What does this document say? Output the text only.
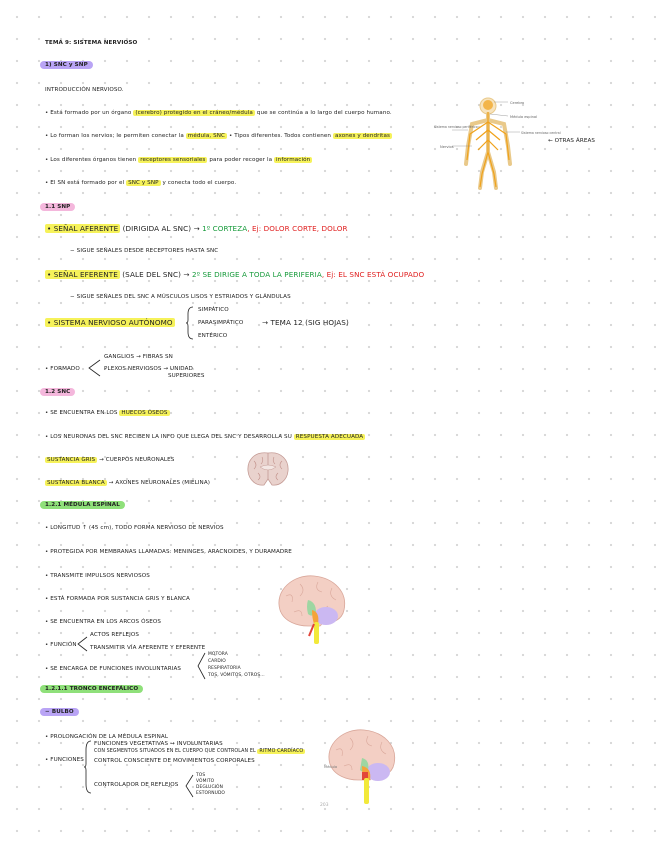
TEMA 9: SISTEMA NERVIOSO
1) SNC y SNP
INTRODUCCIÓN NERVIOSO.
• Está formado por un órgano (cerebro) protegido en el cráneo/médula que se continúa a lo largo del cuerpo humano.
• Lo forman los nervios; le permiten conectar la médula, SNC • Tipos diferentes. Todos contienen axones y dendritas
• Los diferentes órganos tienen receptores sensoriales para poder recoger la información
• El SN está formado por el SNC y SNP y conecta todo el cuerpo.
← OTRAS ÁREAS
Cerebro
Médula espinal
Sistema nervioso periférico
Sistema nervioso central
Nervios
1.1 SNP
• SEÑAL AFERENTE (DIRIGIDA AL SNC) → 1º CORTEZA, Ej: DOLOR CORTE, DOLOR
− SIGUE SEÑALES DESDE RECEPTORES HASTA SNC
• SEÑAL EFERENTE (SALE DEL SNC) → 2º SE DIRIGE A TODA LA PERIFERIA, Ej: EL SNC ESTÁ OCUPADO
− SIGUE SEÑALES DEL SNC A MÚSCULOS LISOS Y ESTRIADOS Y GLÁNDULAS
• SISTEMA NERVIOSO AUTÓNOMO
SIMPÁTICO
PARASIMPÁTICO
ENTÉRICO
→ TEMA 12 (SIG HOJAS)
• FORMADO
GANGLIOS → FIBRAS SN
PLEXOS NERVIOSOS → UNIDAD
SUPERIORES
1.2 SNC
• SE ENCUENTRA EN LOS HUECOS ÓSEOS
• LOS NEURONAS DEL SNC RECIBEN LA INFO QUE LLEGA DEL SNC Y DESARROLLA SU RESPUESTA ADECUADA
SUSTANCIA GRIS → CUERPOS NEURONALES
SUSTANCIA BLANCA → AXONES NEURONALES (MIELINA)
1.2.1 MÉDULA ESPINAL
• LONGITUD ↑ (45 cm), TODO FORMA NERVIOSO DE NERVIOS
• PROTEGIDA POR MEMBRANAS LLAMADAS: MENINGES, ARACNOIDES, Y DURAMADRE
• TRANSMITE IMPULSOS NERVIOSOS
• ESTÁ FORMADA POR SUSTANCIA GRIS Y BLANCA
• SE ENCUENTRA EN LOS ARCOS ÓSEOS
• FUNCIÓN
ACTOS REFLEJOS
TRANSMITIR VÍA AFERENTE Y EFERENTE
• SE ENCARGA DE FUNCIONES INVOLUNTARIAS
MOTORA
CARDIO
RESPIRATORIA
TOS, VÓMITOS, OTROS...
1.2.1.1 TRONCO ENCEFÁLICO
− BULBO
• PROLONGACIÓN DE LA MÉDULA ESPINAL
• FUNCIONES
FUNCIONES VEGETATIVAS → INVOLUNTARIAS
CON SEGMENTOS SITUADOS EN EL CUERPO QUE CONTROLAN EL RITMO CARDÍACO
CONTROL CONSCIENTE DE MOVIMIENTOS CORPORALES
CONTROLADOR DE REFLEJOS
TOS
VÓMITO
DEGLUCIÓN
ESTORNUDO
Médula
203
